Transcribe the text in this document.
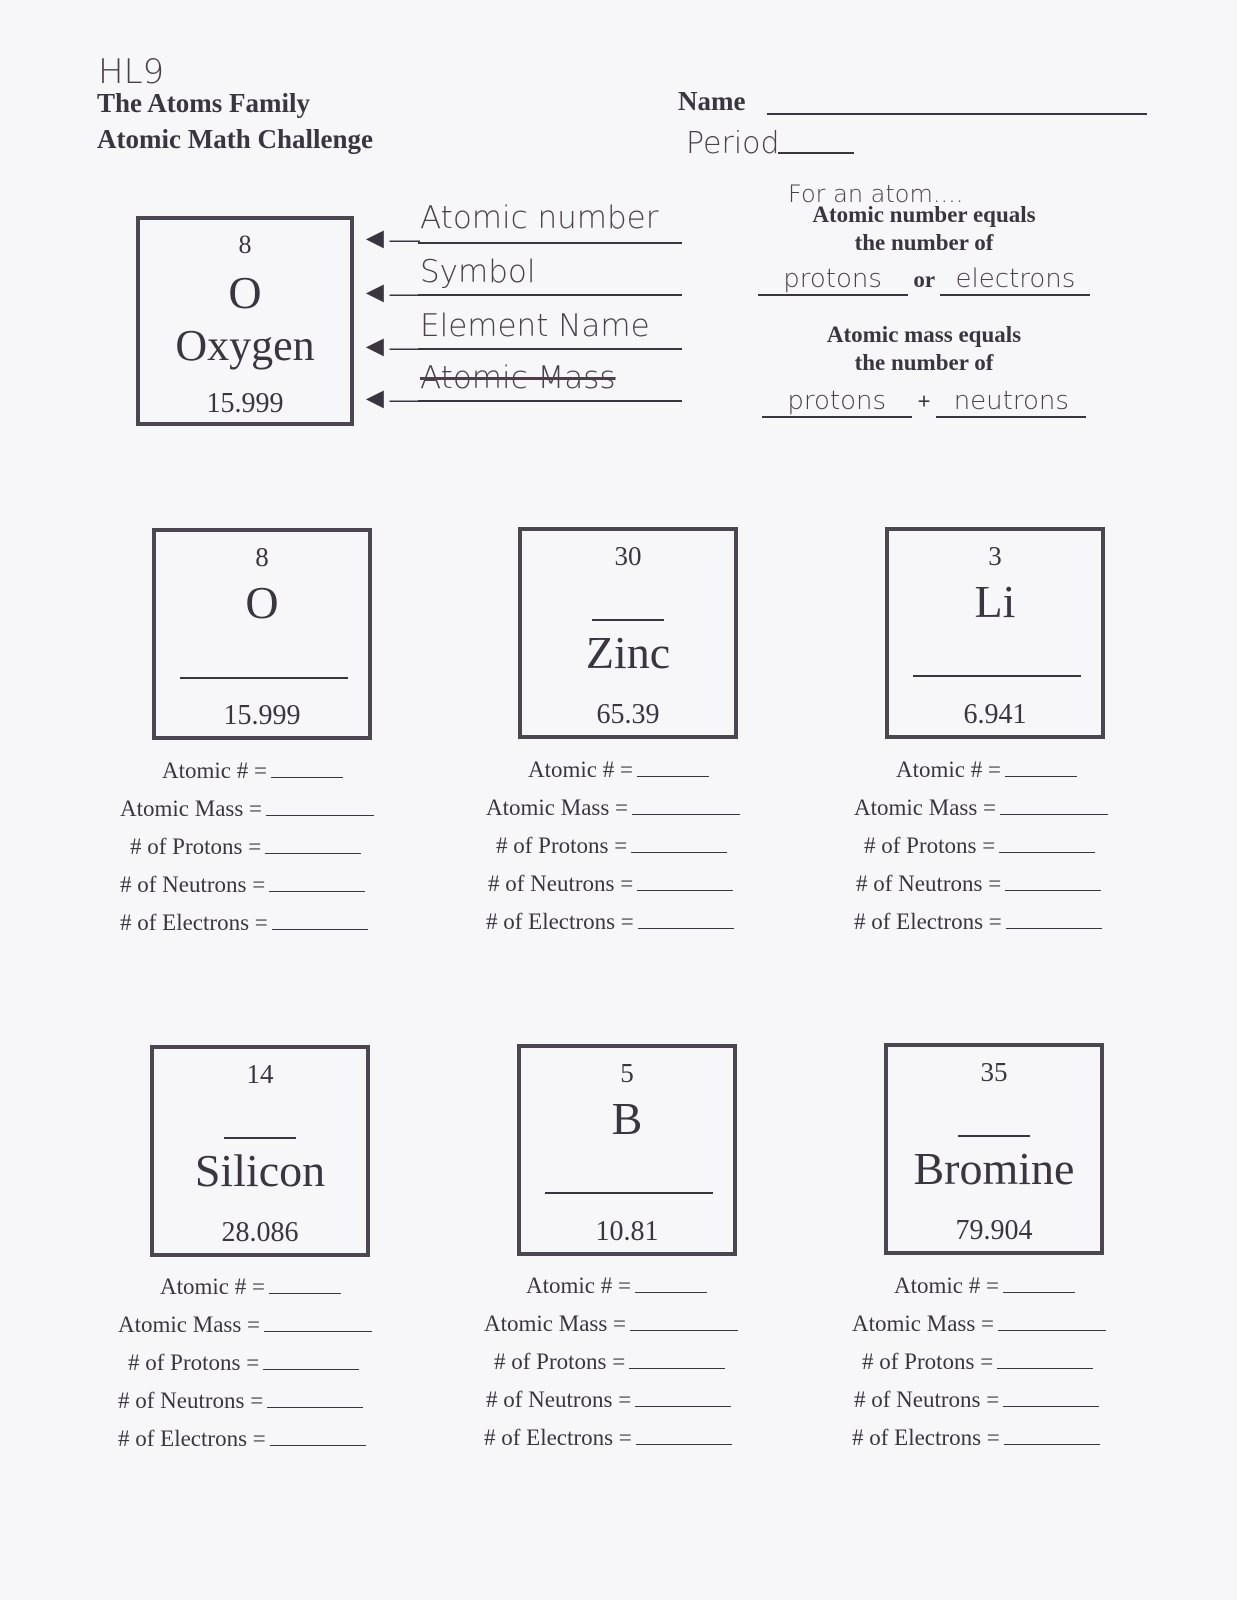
HL9
The Atoms Family
Atomic Math Challenge
Name
Period
8
O
Oxygen
15.999
◄—
Atomic number
◄—
Symbol
◄—
Element Name
◄—
Atomic Mass
For an atom....
Atomic number equals
the number of
protons or electrons
Atomic mass equals
the number of
protons + neutrons
8
O
15.999
30
Zinc
65.39
3
Li
6.941
Atomic # =
Atomic Mass =
# of Protons =
# of Neutrons =
# of Electrons =
Atomic # =
Atomic Mass =
# of Protons =
# of Neutrons =
# of Electrons =
Atomic # =
Atomic Mass =
# of Protons =
# of Neutrons =
# of Electrons =
14
Silicon
28.086
5
B
10.81
35
Bromine
79.904
Atomic # =
Atomic Mass =
# of Protons =
# of Neutrons =
# of Electrons =
Atomic # =
Atomic Mass =
# of Protons =
# of Neutrons =
# of Electrons =
Atomic # =
Atomic Mass =
# of Protons =
# of Neutrons =
# of Electrons =
